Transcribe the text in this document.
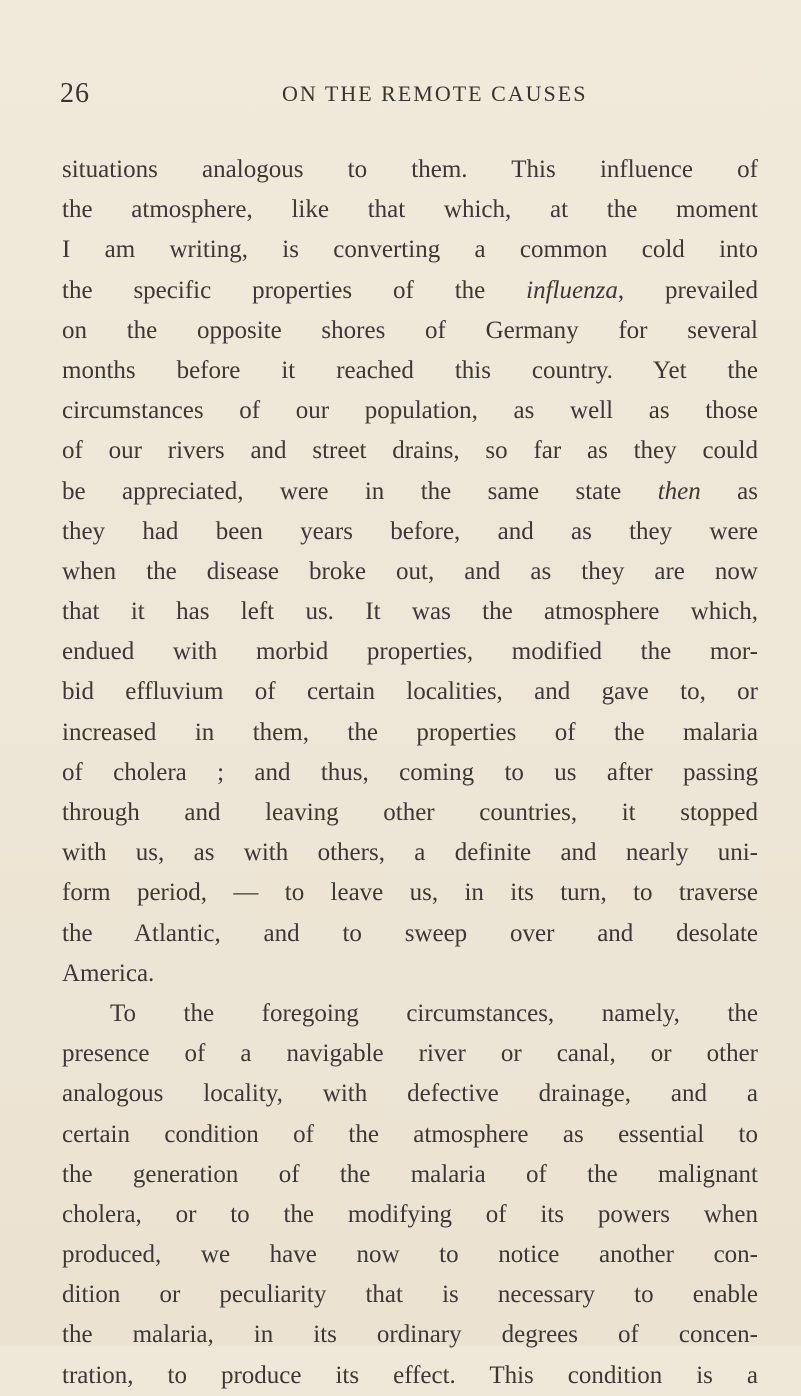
26	ON THE REMOTE CAUSES
situations analogous to them. This influence of
the atmosphere, like that which, at the moment
I am writing, is converting a common cold into
the specific properties of the influenza, prevailed
on the opposite shores of Germany for several
months before it reached this country. Yet the
circumstances of our population, as well as those
of our rivers and street drains, so far as they could
be appreciated, were in the same state then as
they had been years before, and as they were
when the disease broke out, and as they are now
that it has left us. It was the atmosphere which,
endued with morbid properties, modified the mor-
bid effluvium of certain localities, and gave to, or
increased in them, the properties of the malaria
of cholera ; and thus, coming to us after passing
through and leaving other countries, it stopped
with us, as with others, a definite and nearly uni-
form period, — to leave us, in its turn, to traverse
the Atlantic, and to sweep over and desolate
America.
To the foregoing circumstances, namely, the
presence of a navigable river or canal, or other
analogous locality, with defective drainage, and a
certain condition of the atmosphere as essential to
the generation of the malaria of the malignant
cholera, or to the modifying of its powers when
produced, we have now to notice another con-
dition or peculiarity that is necessary to enable
the malaria, in its ordinary degrees of concen-
tration, to produce its effect. This condition is a
